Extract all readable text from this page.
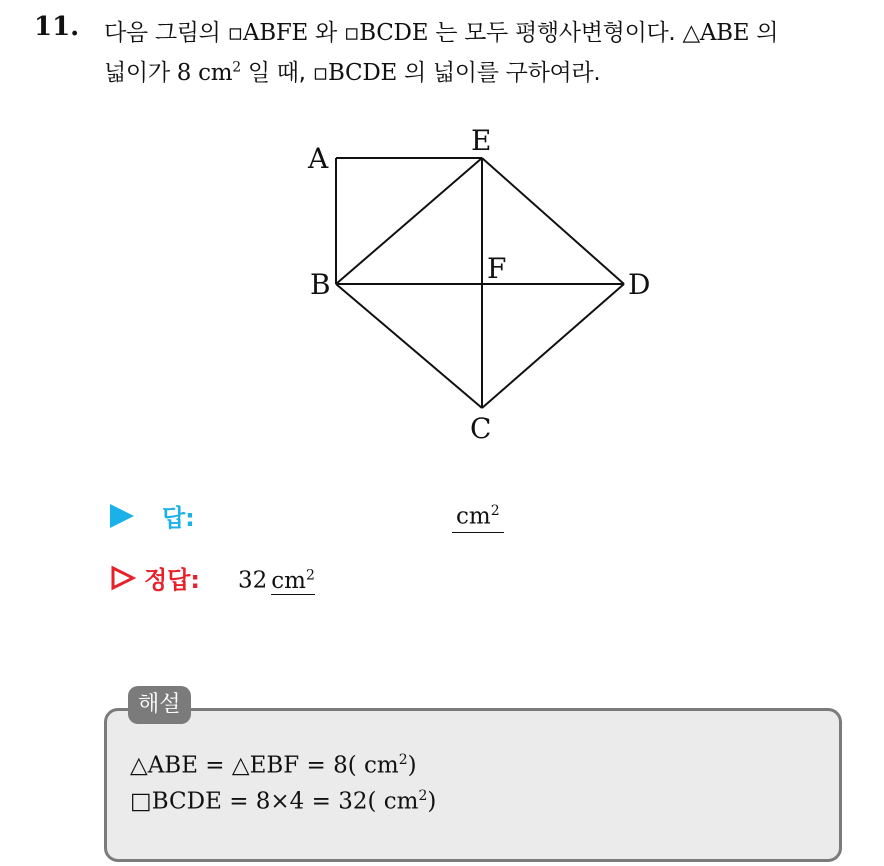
11. 다음 그림의 ▫ABFE 와 ▫BCDE 는 모두 평행사변형이다. △ABE 의
넓이가 8 $cm^2$ 일 때, ▫BCDE 의 넓이를 구하여라.
A
E
B	F	D
C
답:	$cm^2$
정답: 32 $cm^2$
해설
△ABE = △EBF = 8( $cm^2$)
□BCDE = 8×4 = 32( $cm^2$)
